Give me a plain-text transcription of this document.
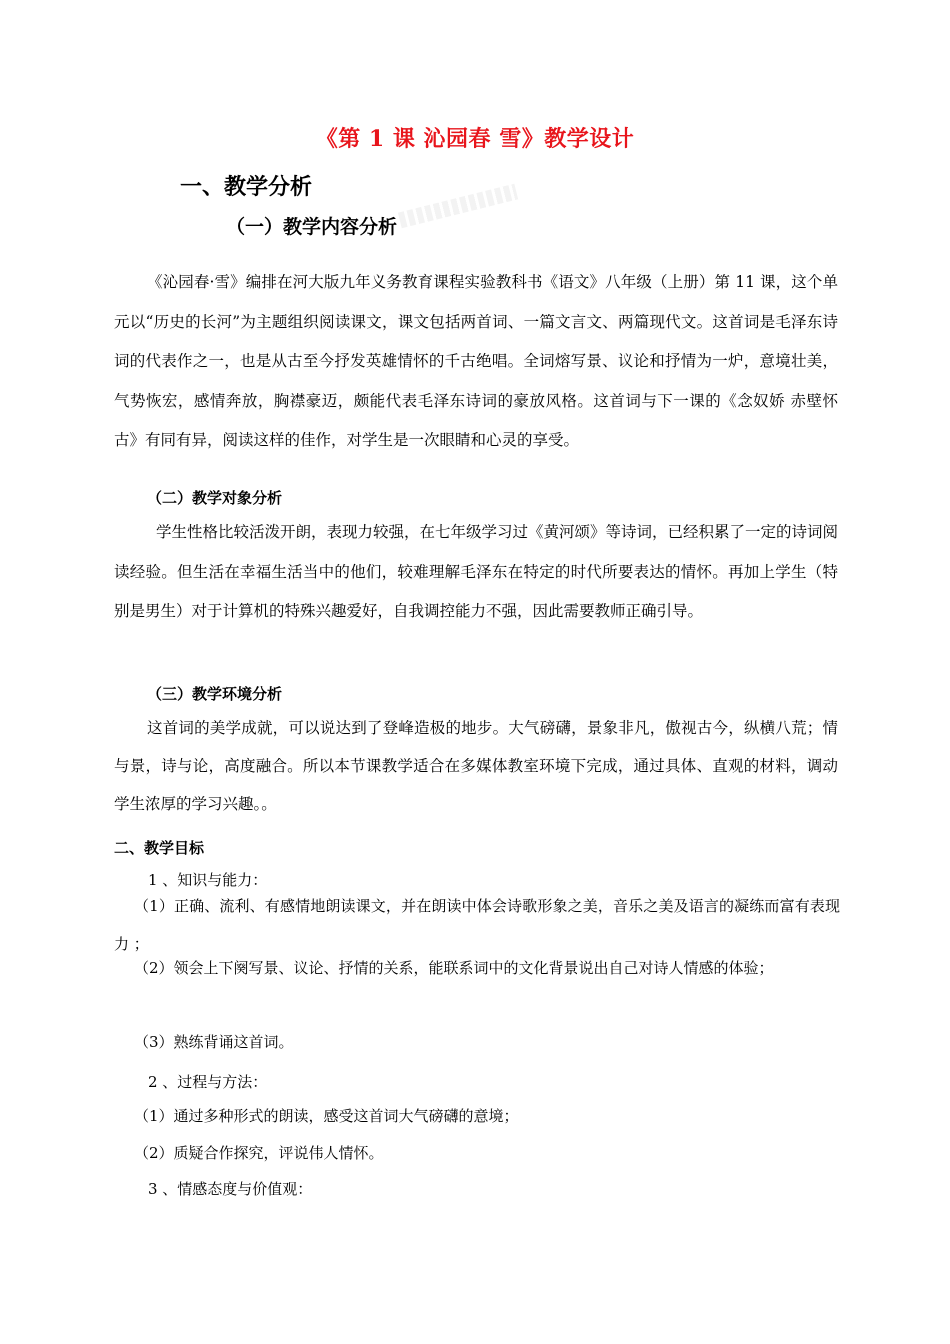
《第 1 课 沁园春 雪》教学设计
一、教学分析
（一）教学内容分析
《沁园春·雪》编排在河大版九年义务教育课程实验教科书《语文》八年级（上册）第 11 课，这个单元以“历史的长河”为主题组织阅读课文，课文包括两首词、一篇文言文、两篇现代文。这首词是毛泽东诗词的代表作之一，也是从古至今抒发英雄情怀的千古绝唱。全词熔写景、议论和抒情为一炉，意境壮美，气势恢宏，感情奔放，胸襟豪迈，颇能代表毛泽东诗词的豪放风格。这首词与下一课的《念奴娇 赤壁怀古》有同有异，阅读这样的佳作，对学生是一次眼睛和心灵的享受。
（二）教学对象分析
学生性格比较活泼开朗，表现力较强，在七年级学习过《黄河颂》等诗词，已经积累了一定的诗词阅读经验。但生活在幸福生活当中的他们，较难理解毛泽东在特定的时代所要表达的情怀。再加上学生（特别是男生）对于计算机的特殊兴趣爱好，自我调控能力不强，因此需要教师正确引导。
（三）教学环境分析
这首词的美学成就，可以说达到了登峰造极的地步。大气磅礴，景象非凡，傲视古今，纵横八荒；情与景，诗与论，高度融合。所以本节课教学适合在多媒体教室环境下完成，通过具体、直观的材料，调动学生浓厚的学习兴趣。。
二、教学目标
1 、知识与能力：
（1）正确、流利、有感情地朗读课文，并在朗读中体会诗歌形象之美，音乐之美及语言的凝练而富有表现力 ；
（2）领会上下阕写景、议论、抒情的关系，能联系词中的文化背景说出自己对诗人情感的体验；
（3）熟练背诵这首词。
2 、过程与方法：
（1）通过多种形式的朗读，感受这首词大气磅礴的意境；
（2）质疑合作探究，评说伟人情怀。
3 、情感态度与价值观：
